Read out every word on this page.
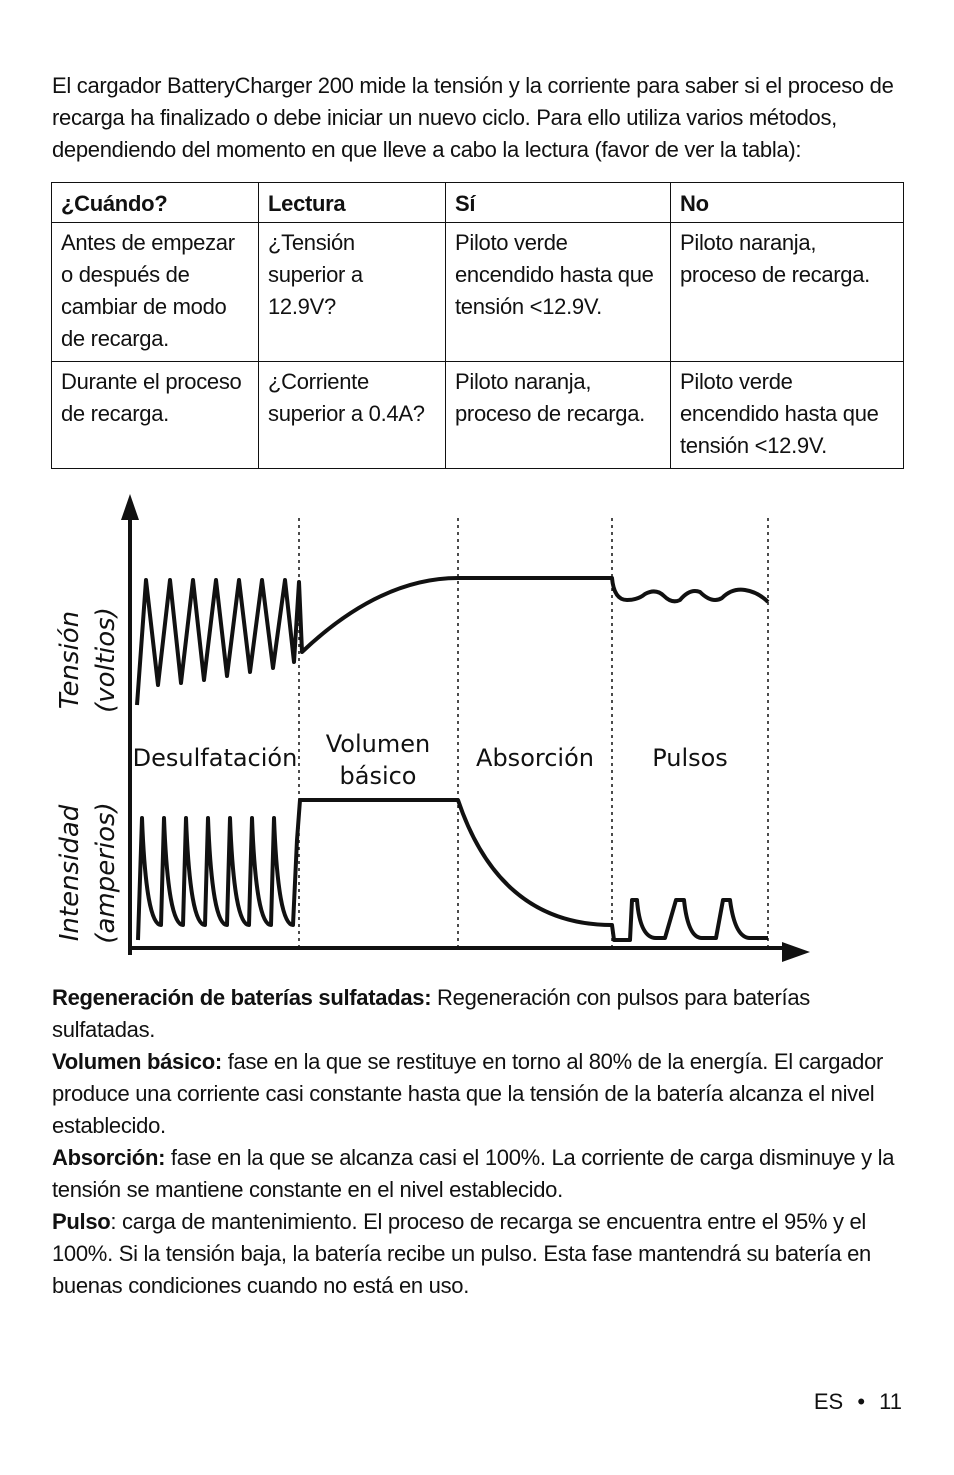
El cargador BatteryCharger 200 mide la tensión y la corriente para saber si el proceso de recarga ha finalizado o debe iniciar un nuevo ciclo. Para ello utiliza varios métodos, dependiendo del momento en que lleve a cabo la lectura (favor de ver la tabla):

¿Cuándo?	Lectura	Sí	No
Antes de empezar o después de cambiar de modo de recarga.	¿Tensión superior a 12.9V?	Piloto verde encendido hasta que tensión <12.9V.	Piloto naranja, proceso de recarga.
Durante el proceso de recarga.	¿Corriente superior a 0.4A?	Piloto naranja, proceso de recarga.	Piloto verde encendido hasta que tensión <12.9V.
Tensión (voltios)
Intensidad (amperios)
Desulfatación Volumen
básico
Absorción Pulsos

Regeneración de baterías sulfatadas: Regeneración con pulsos para baterías sulfatadas.

Volumen básico: fase en la que se restituye en torno al 80% de la energía. El cargador produce una corriente casi constante hasta que la tensión de la batería alcanza el nivel establecido.

Absorción: fase en la que se alcanza casi el 100%. La corriente de carga disminuye y la tensión se mantiene constante en el nivel establecido.

Pulso: carga de mantenimiento. El proceso de recarga se encuentra entre el 95% y el 100%. Si la tensión baja, la batería recibe un pulso. Esta fase mantendrá su batería en buenas condiciones cuando no está en uso.

ES • 11
